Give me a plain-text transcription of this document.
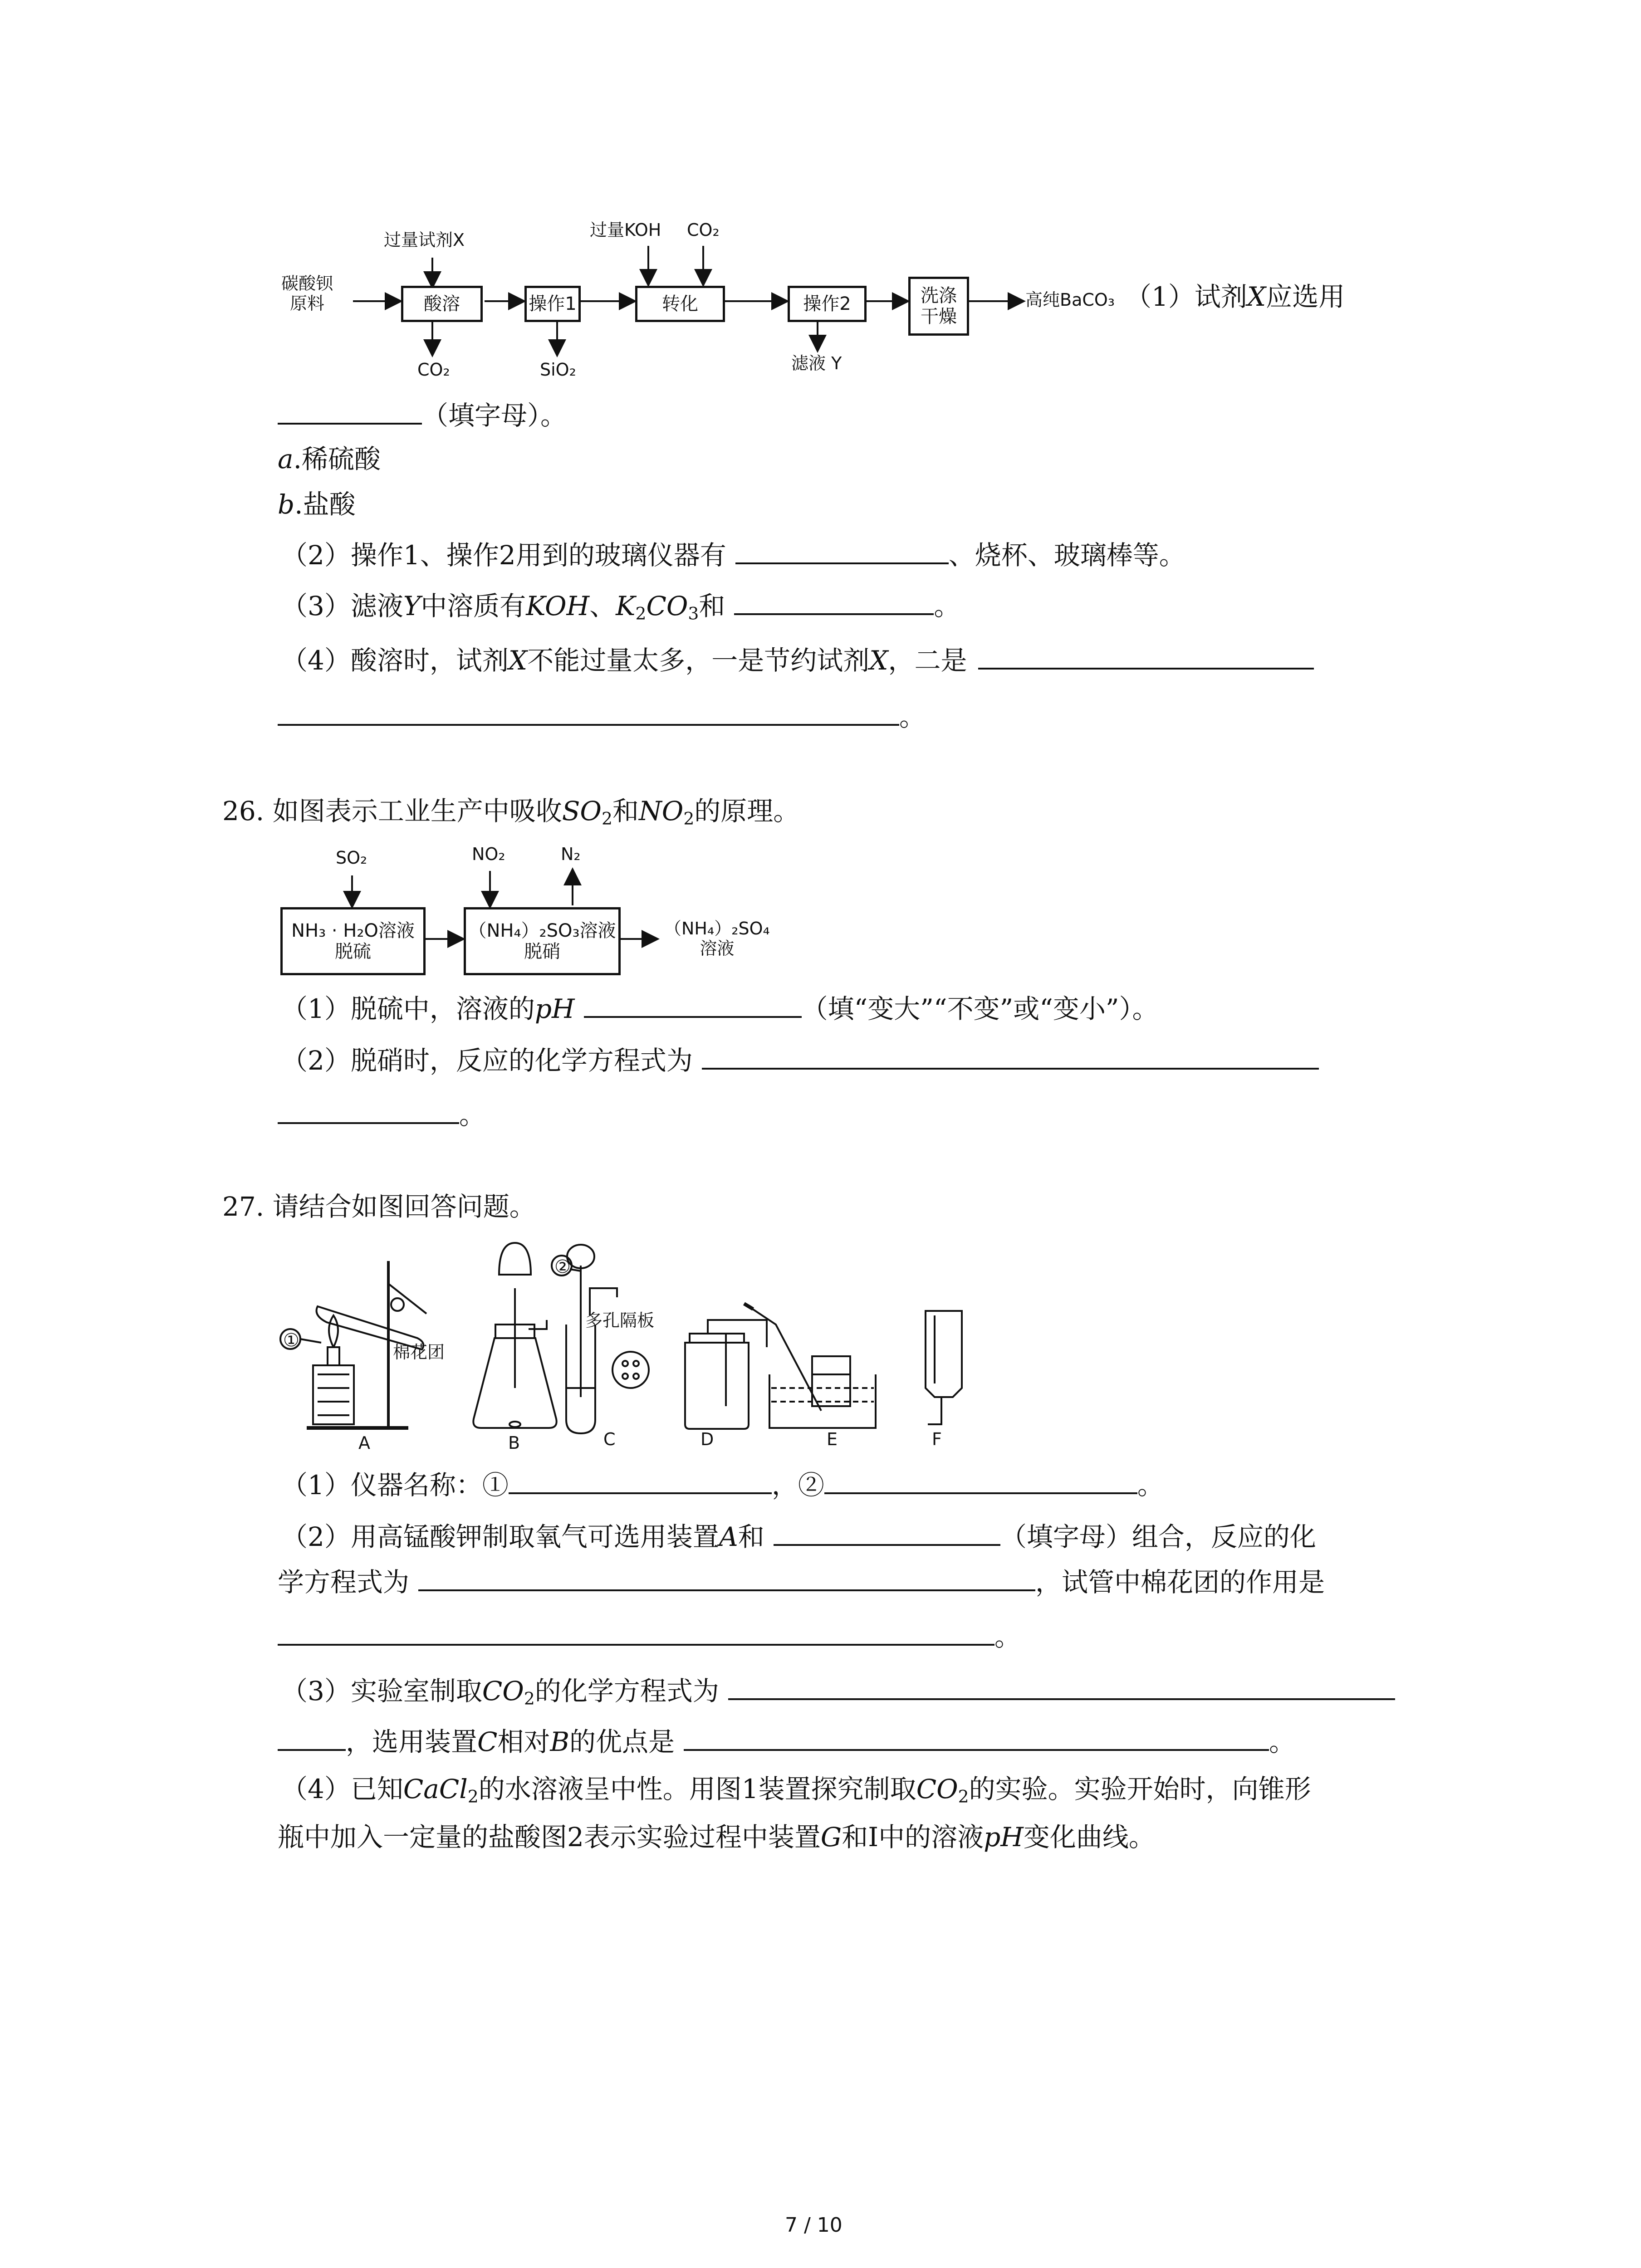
碳酸钡
原料
过量试剂X
酸溶
CO₂
操作1
SiO₂
过量KOH CO₂
转化	操作2
滤液 Y
洗涤
干燥
高纯BaCO₃ （1）试剂X应选用
（填字母）。
a.稀硫酸
b.盐酸
（2）操作1、操作2用到的玻璃仪器有	、烧杯、玻璃棒等。
（3）滤液Y中溶质有KOH、$K_2CO_3$和	。
（4）酸溶时，试剂X不能过量太多，一是节约试剂X，二是
。
26. 如图表示工业生产中吸收$SO_2$和$NO_2$的原理。
SO₂	NO₂	N₂
NH₃ · H₂O溶液
脱硫
（NH₄）₂SO₃溶液
脱硝
（NH₄）₂SO₄
溶液
（1）脱硫中，溶液的pH	（填“变大”“不变”或“变小”）。
（2）脱硝时，反应的化学方程式为
。
27. 请结合如图回答问题。
①
②
棉花团
多孔隔板
A	B	C	D	E	F
（1）仪器名称：①	，②	。
（2）用高锰酸钾制取氧气可选用装置A和	（填字母）组合，反应的化
学方程式为	，试管中棉花团的作用是
。
（3）实验室制取$CO_2$的化学方程式为
，选用装置C相对B的优点是	。
（4）已知CaCl$_2$的水溶液呈中性。用图1装置探究制取$CO_2$的实验。实验开始时，向锥形
瓶中加入一定量的盐酸图2表示实验过程中装置G和Ⅰ中的溶液pH变化曲线。
7 / 10
